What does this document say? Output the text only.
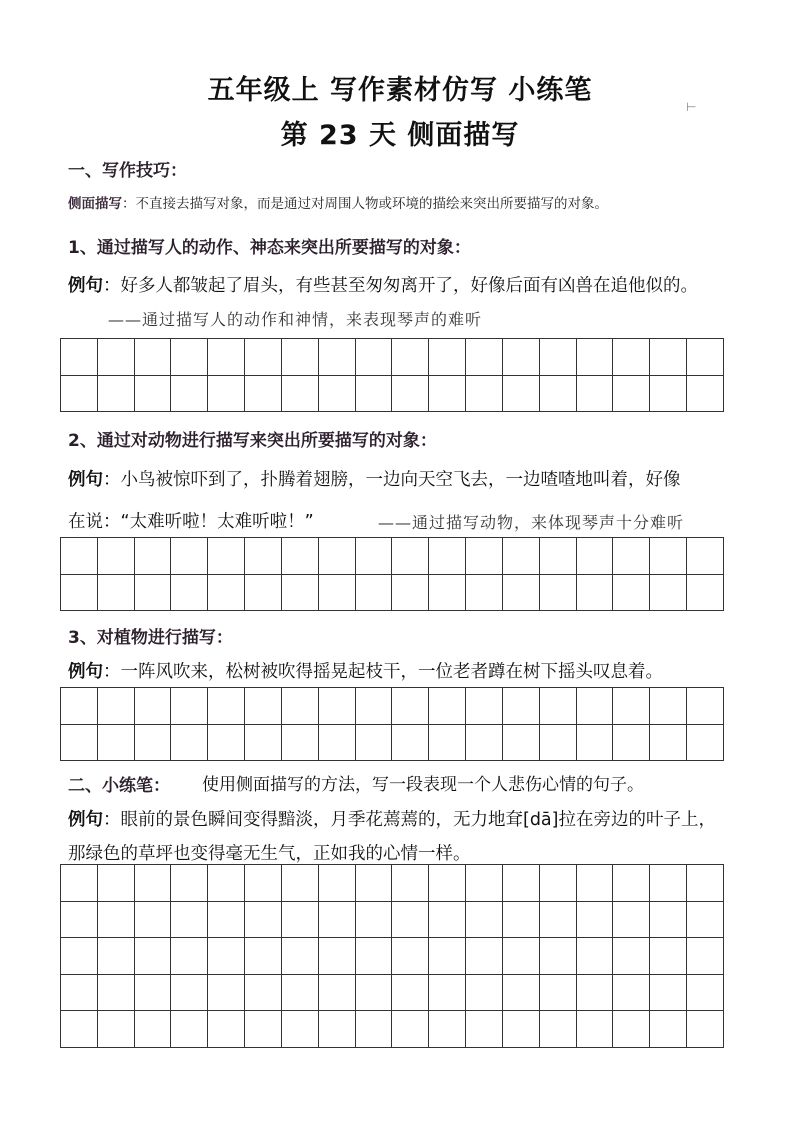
五年级上 写作素材仿写 小练笔
第 23 天 侧面描写
⊢
一、写作技巧：
侧面描写：不直接去描写对象，而是通过对周围人物或环境的描绘来突出所要描写的对象。
1、通过描写人的动作、神态来突出所要描写的对象：
例句：好多人都皱起了眉头，有些甚至匆匆离开了，好像后面有凶兽在追他似的。
——通过描写人的动作和神情，来表现琴声的难听
2、通过对动物进行描写来突出所要描写的对象：
例句：小鸟被惊吓到了，扑腾着翅膀，一边向天空飞去，一边喳喳地叫着，好像
在说：“太难听啦！太难听啦！”	——通过描写动物，来体现琴声十分难听
3、对植物进行描写：
例句：一阵风吹来，松树被吹得摇晃起枝干，一位老者蹲在树下摇头叹息着。
二、小练笔： 使用侧面描写的方法，写一段表现一个人悲伤心情的句子。
例句：眼前的景色瞬间变得黯淡，月季花蔫蔫的，无力地耷[dā]拉在旁边的叶子上，
那绿色的草坪也变得毫无生气，正如我的心情一样。
